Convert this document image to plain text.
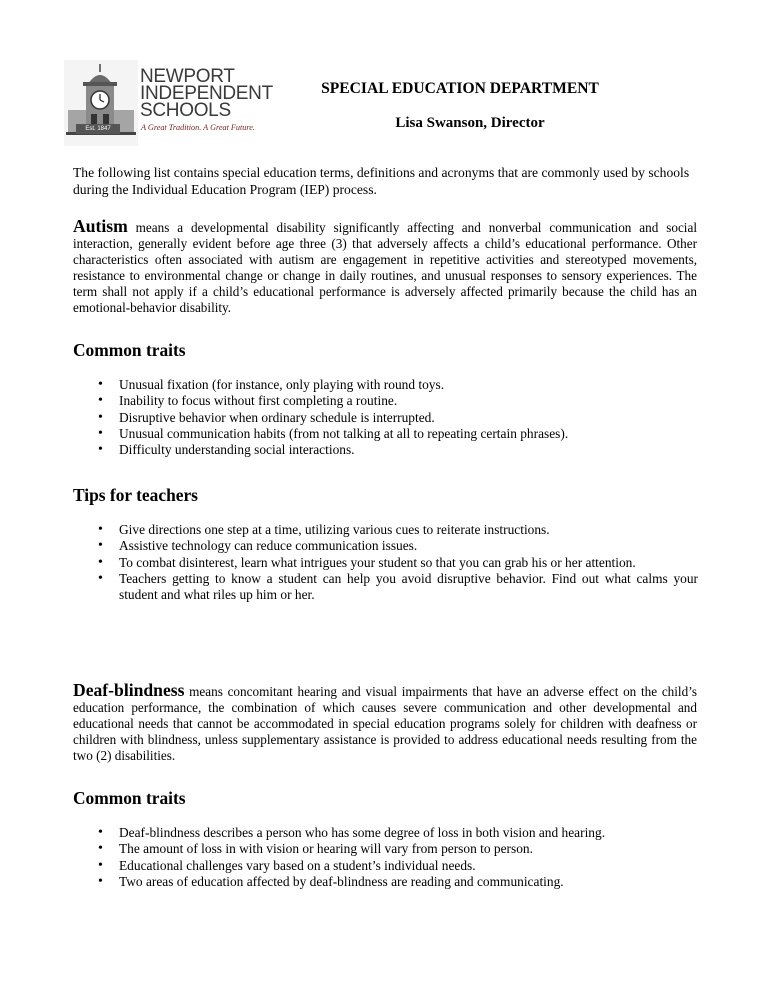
Est. 1847
NEWPORT
INDEPENDENT
SCHOOLS
A Great Tradition. A Great Future.
SPECIAL EDUCATION DEPARTMENT
Lisa Swanson, Director

The following list contains special education terms, definitions and acronyms that are commonly used by schools during the Individual Education Program (IEP) process.

Autism means a developmental disability significantly affecting and nonverbal communication and social interaction, generally evident before age three (3) that adversely affects a child’s educational performance. Other characteristics often associated with autism are engagement in repetitive activities and stereotyped movements, resistance to environmental change or change in daily routines, and unusual responses to sensory experiences. The term shall not apply if a child’s educational performance is adversely affected primarily because the child has an emotional-behavior disability.

Common traits
• Unusual fixation (for instance, only playing with round toys.
• Inability to focus without first completing a routine.
• Disruptive behavior when ordinary schedule is interrupted.
• Unusual communication habits (from not talking at all to repeating certain phrases).
• Difficulty understanding social interactions.
Tips for teachers
• Give directions one step at a time, utilizing various cues to reiterate instructions.
• Assistive technology can reduce communication issues.
• To combat disinterest, learn what intrigues your student so that you can grab his or her attention.
• Teachers getting to know a student can help you avoid disruptive behavior. Find out what calms your student and what riles up him or her.

Deaf-blindness means concomitant hearing and visual impairments that have an adverse effect on the child’s education performance, the combination of which causes severe communication and other developmental and educational needs that cannot be accommodated in special education programs solely for children with deafness or children with blindness, unless supplementary assistance is provided to address educational needs resulting from the two (2) disabilities.

Common traits
• Deaf-blindness describes a person who has some degree of loss in both vision and hearing.
• The amount of loss in with vision or hearing will vary from person to person.
• Educational challenges vary based on a student’s individual needs.
• Two areas of education affected by deaf-blindness are reading and communicating.
